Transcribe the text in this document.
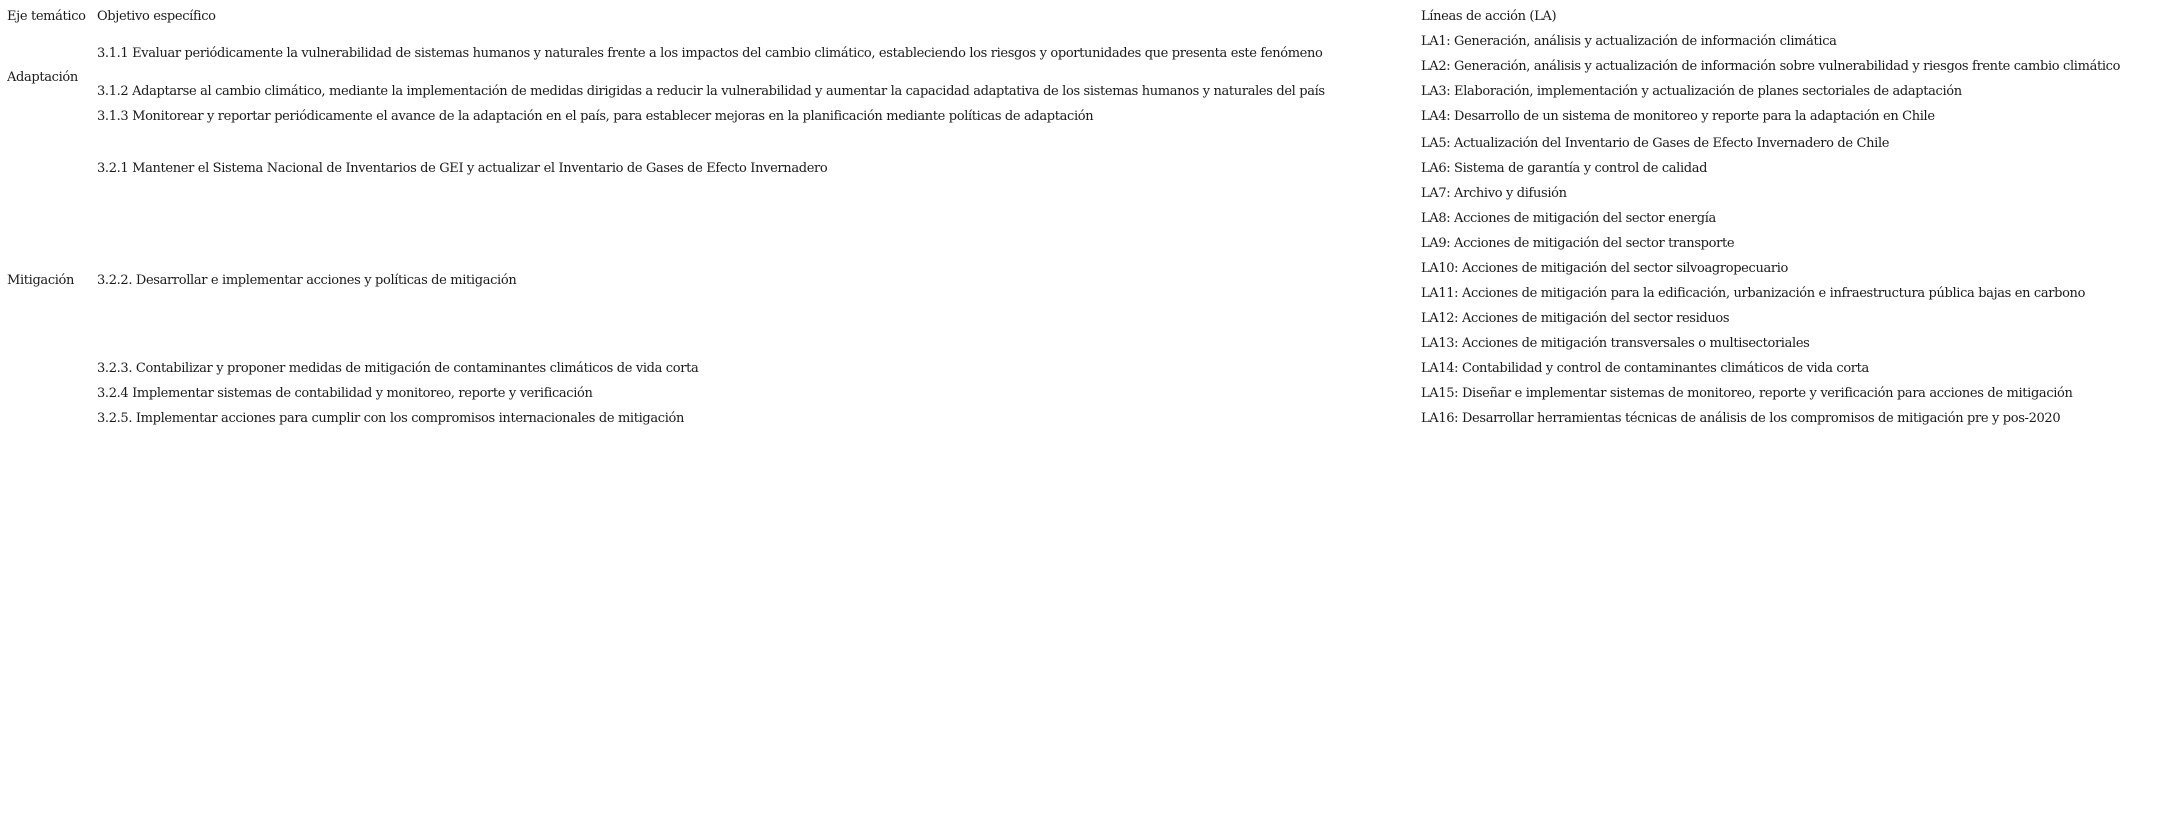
Eje temático Objetivo específico	Líneas de acción (LA)
Adaptación
Mitigación
3.1.1 Evaluar periódicamente la vulnerabilidad de sistemas humanos y naturales frente a los impactos del cambio climático, estableciendo los riesgos y oportunidades que presenta este fenómeno
3.1.2 Adaptarse al cambio climático, mediante la implementación de medidas dirigidas a reducir la vulnerabilidad y aumentar la capacidad adaptativa de los sistemas humanos y naturales del país
3.1.3 Monitorear y reportar periódicamente el avance de la adaptación en el país, para establecer mejoras en la planificación mediante políticas de adaptación
3.2.1 Mantener el Sistema Nacional de Inventarios de GEI y actualizar el Inventario de Gases de Efecto Invernadero
3.2.2. Desarrollar e implementar acciones y políticas de mitigación
3.2.3. Contabilizar y proponer medidas de mitigación de contaminantes climáticos de vida corta
3.2.4 Implementar sistemas de contabilidad y monitoreo, reporte y verificación
3.2.5. Implementar acciones para cumplir con los compromisos internacionales de mitigación
LA1: Generación, análisis y actualización de información climática
LA2: Generación, análisis y actualización de información sobre vulnerabilidad y riesgos frente cambio climático
LA3: Elaboración, implementación y actualización de planes sectoriales de adaptación
LA4: Desarrollo de un sistema de monitoreo y reporte para la adaptación en Chile
LA5: Actualización del Inventario de Gases de Efecto Invernadero de Chile
LA6: Sistema de garantía y control de calidad
LA7: Archivo y difusión
LA8: Acciones de mitigación del sector energía
LA9: Acciones de mitigación del sector transporte
LA10: Acciones de mitigación del sector silvoagropecuario
LA11: Acciones de mitigación para la edificación, urbanización e infraestructura pública bajas en carbono
LA12: Acciones de mitigación del sector residuos
LA13: Acciones de mitigación transversales o multisectoriales
LA14: Contabilidad y control de contaminantes climáticos de vida corta
LA15: Diseñar e implementar sistemas de monitoreo, reporte y verificación para acciones de mitigación
LA16: Desarrollar herramientas técnicas de análisis de los compromisos de mitigación pre y pos-2020
